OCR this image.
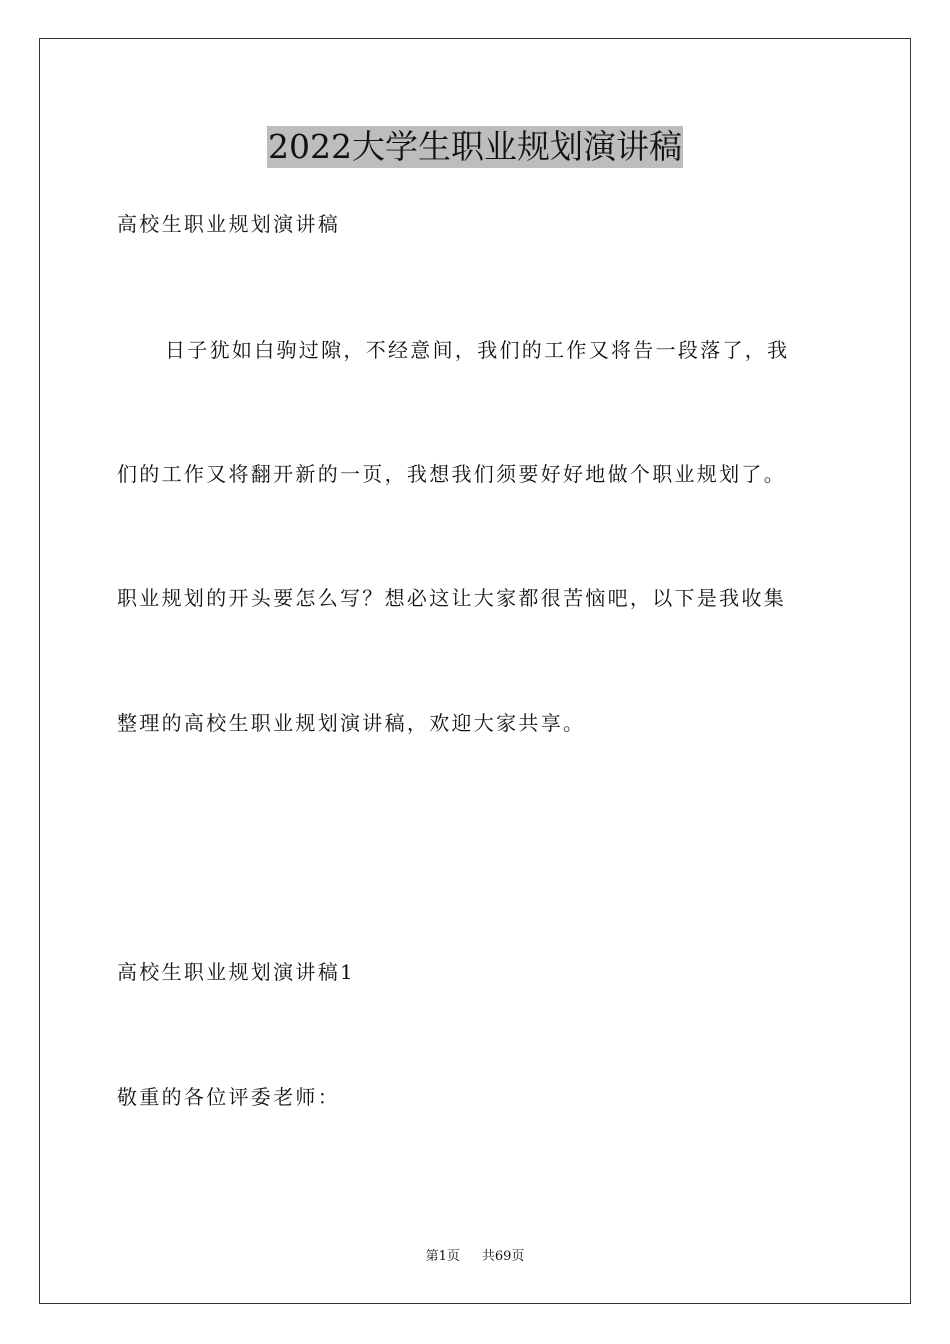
2022大学生职业规划演讲稿

高校生职业规划演讲稿

日子犹如白驹过隙，不经意间，我们的工作又将告一段落了，我

们的工作又将翻开新的一页，我想我们须要好好地做个职业规划了。

职业规划的开头要怎么写？想必这让大家都很苦恼吧，以下是我收集

整理的高校生职业规划演讲稿，欢迎大家共享。

高校生职业规划演讲稿1

敬重的各位评委老师：

第1页 共69页
